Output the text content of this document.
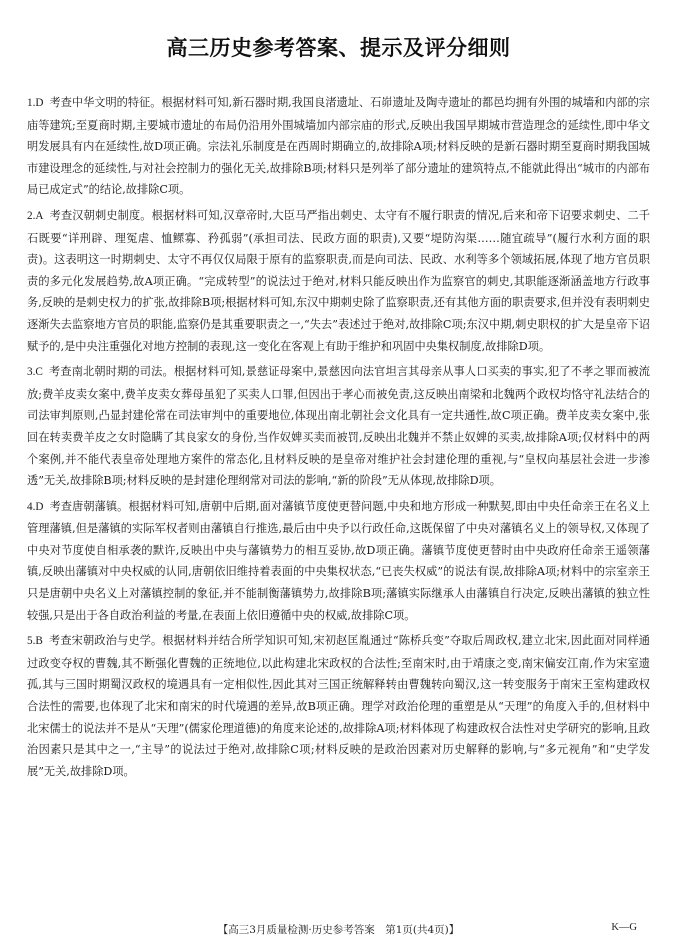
高三历史参考答案、提示及评分细则

1.D 考查中华文明的特征。根据材料可知,新石器时期,我国良渚遗址、石峁遗址及陶寺遗址的都邑均拥有外围的城墙和内部的宗庙等建筑;至夏商时期,主要城市遗址的布局仍沿用外围城墙加内部宗庙的形式,反映出我国早期城市营造理念的延续性,即中华文明发展具有内在延续性,故D项正确。宗法礼乐制度是在西周时期确立的,故排除A项;材料反映的是新石器时期至夏商时期我国城市建设理念的延续性,与对社会控制力的强化无关,故排除B项;材料只是列举了部分遗址的建筑特点,不能就此得出“城市的内部布局已成定式”的结论,故排除C项。

2.A 考查汉朝刺史制度。根据材料可知,汉章帝时,大臣马严指出刺史、太守有不履行职责的情况,后来和帝下诏要求刺史、二千石既要“详刑辟、理冤虐、恤鳏寡、矜孤弱”(承担司法、民政方面的职责),又要“堤防沟渠……随宜疏导”(履行水利方面的职责)。这表明这一时期刺史、太守不再仅仅局限于原有的监察职责,而是向司法、民政、水利等多个领域拓展,体现了地方官员职责的多元化发展趋势,故A项正确。“完成转型”的说法过于绝对,材料只能反映出作为监察官的刺史,其职能逐渐涵盖地方行政事务,反映的是刺史权力的扩张,故排除B项;根据材料可知,东汉中期刺史除了监察职责,还有其他方面的职责要求,但并没有表明刺史逐渐失去监察地方官员的职能,监察仍是其重要职责之一,“失去”表述过于绝对,故排除C项;东汉中期,刺史职权的扩大是皇帝下诏赋予的,是中央注重强化对地方控制的表现,这一变化在客观上有助于维护和巩固中央集权制度,故排除D项。

3.C 考查南北朝时期的司法。根据材料可知,景慈证母案中,景慈因向法官坦言其母亲从事人口买卖的事实,犯了不孝之罪而被流放;费羊皮卖女案中,费羊皮卖女葬母虽犯了买卖人口罪,但因出于孝心而被免责,这反映出南梁和北魏两个政权均恪守礼法结合的司法审判原则,凸显封建伦常在司法审判中的重要地位,体现出南北朝社会文化具有一定共通性,故C项正确。费羊皮卖女案中,张回在转卖费羊皮之女时隐瞒了其良家女的身份,当作奴婢买卖而被罚,反映出北魏并不禁止奴婢的买卖,故排除A项;仅材料中的两个案例,并不能代表皇帝处理地方案件的常态化,且材料反映的是皇帝对维护社会封建伦理的重视,与“皇权向基层社会进一步渗透”无关,故排除B项;材料反映的是封建伦理纲常对司法的影响,“新的阶段”无从体现,故排除D项。

4.D 考查唐朝藩镇。根据材料可知,唐朝中后期,面对藩镇节度使更替问题,中央和地方形成一种默契,即由中央任命亲王在名义上管理藩镇,但是藩镇的实际军权者则由藩镇自行推选,最后由中央予以行政任命,这既保留了中央对藩镇名义上的领导权,又体现了中央对节度使自相承袭的默许,反映出中央与藩镇势力的相互妥协,故D项正确。藩镇节度使更替时由中央政府任命亲王遥领藩镇,反映出藩镇对中央权威的认同,唐朝依旧维持着表面的中央集权状态,“已丧失权威”的说法有误,故排除A项;材料中的宗室亲王只是唐朝中央名义上对藩镇控制的象征,并不能制衡藩镇势力,故排除B项;藩镇实际继承人由藩镇自行决定,反映出藩镇的独立性较强,只是出于各自政治利益的考量,在表面上依旧遵循中央的权威,故排除C项。

5.B 考查宋朝政治与史学。根据材料并结合所学知识可知,宋初赵匡胤通过“陈桥兵变”夺取后周政权,建立北宋,因此面对同样通过政变夺权的曹魏,其不断强化曹魏的正统地位,以此构建北宋政权的合法性;至南宋时,由于靖康之变,南宋偏安江南,作为宋室遗孤,其与三国时期蜀汉政权的境遇具有一定相似性,因此其对三国正统解释转由曹魏转向蜀汉,这一转变服务于南宋王室构建政权合法性的需要,也体现了北宋和南宋的时代境遇的差异,故B项正确。理学对政治伦理的重塑是从“天理”的角度入手的,但材料中北宋儒士的说法并不是从“天理”(儒家伦理道德)的角度来论述的,故排除A项;材料体现了构建政权合法性对史学研究的影响,且政治因素只是其中之一,“主导”的说法过于绝对,故排除C项;材料反映的是政治因素对历史解释的影响,与“多元视角”和“史学发展”无关,故排除D项。

【高三3月质量检测·历史参考答案　第1页(共4页)】	K—G
